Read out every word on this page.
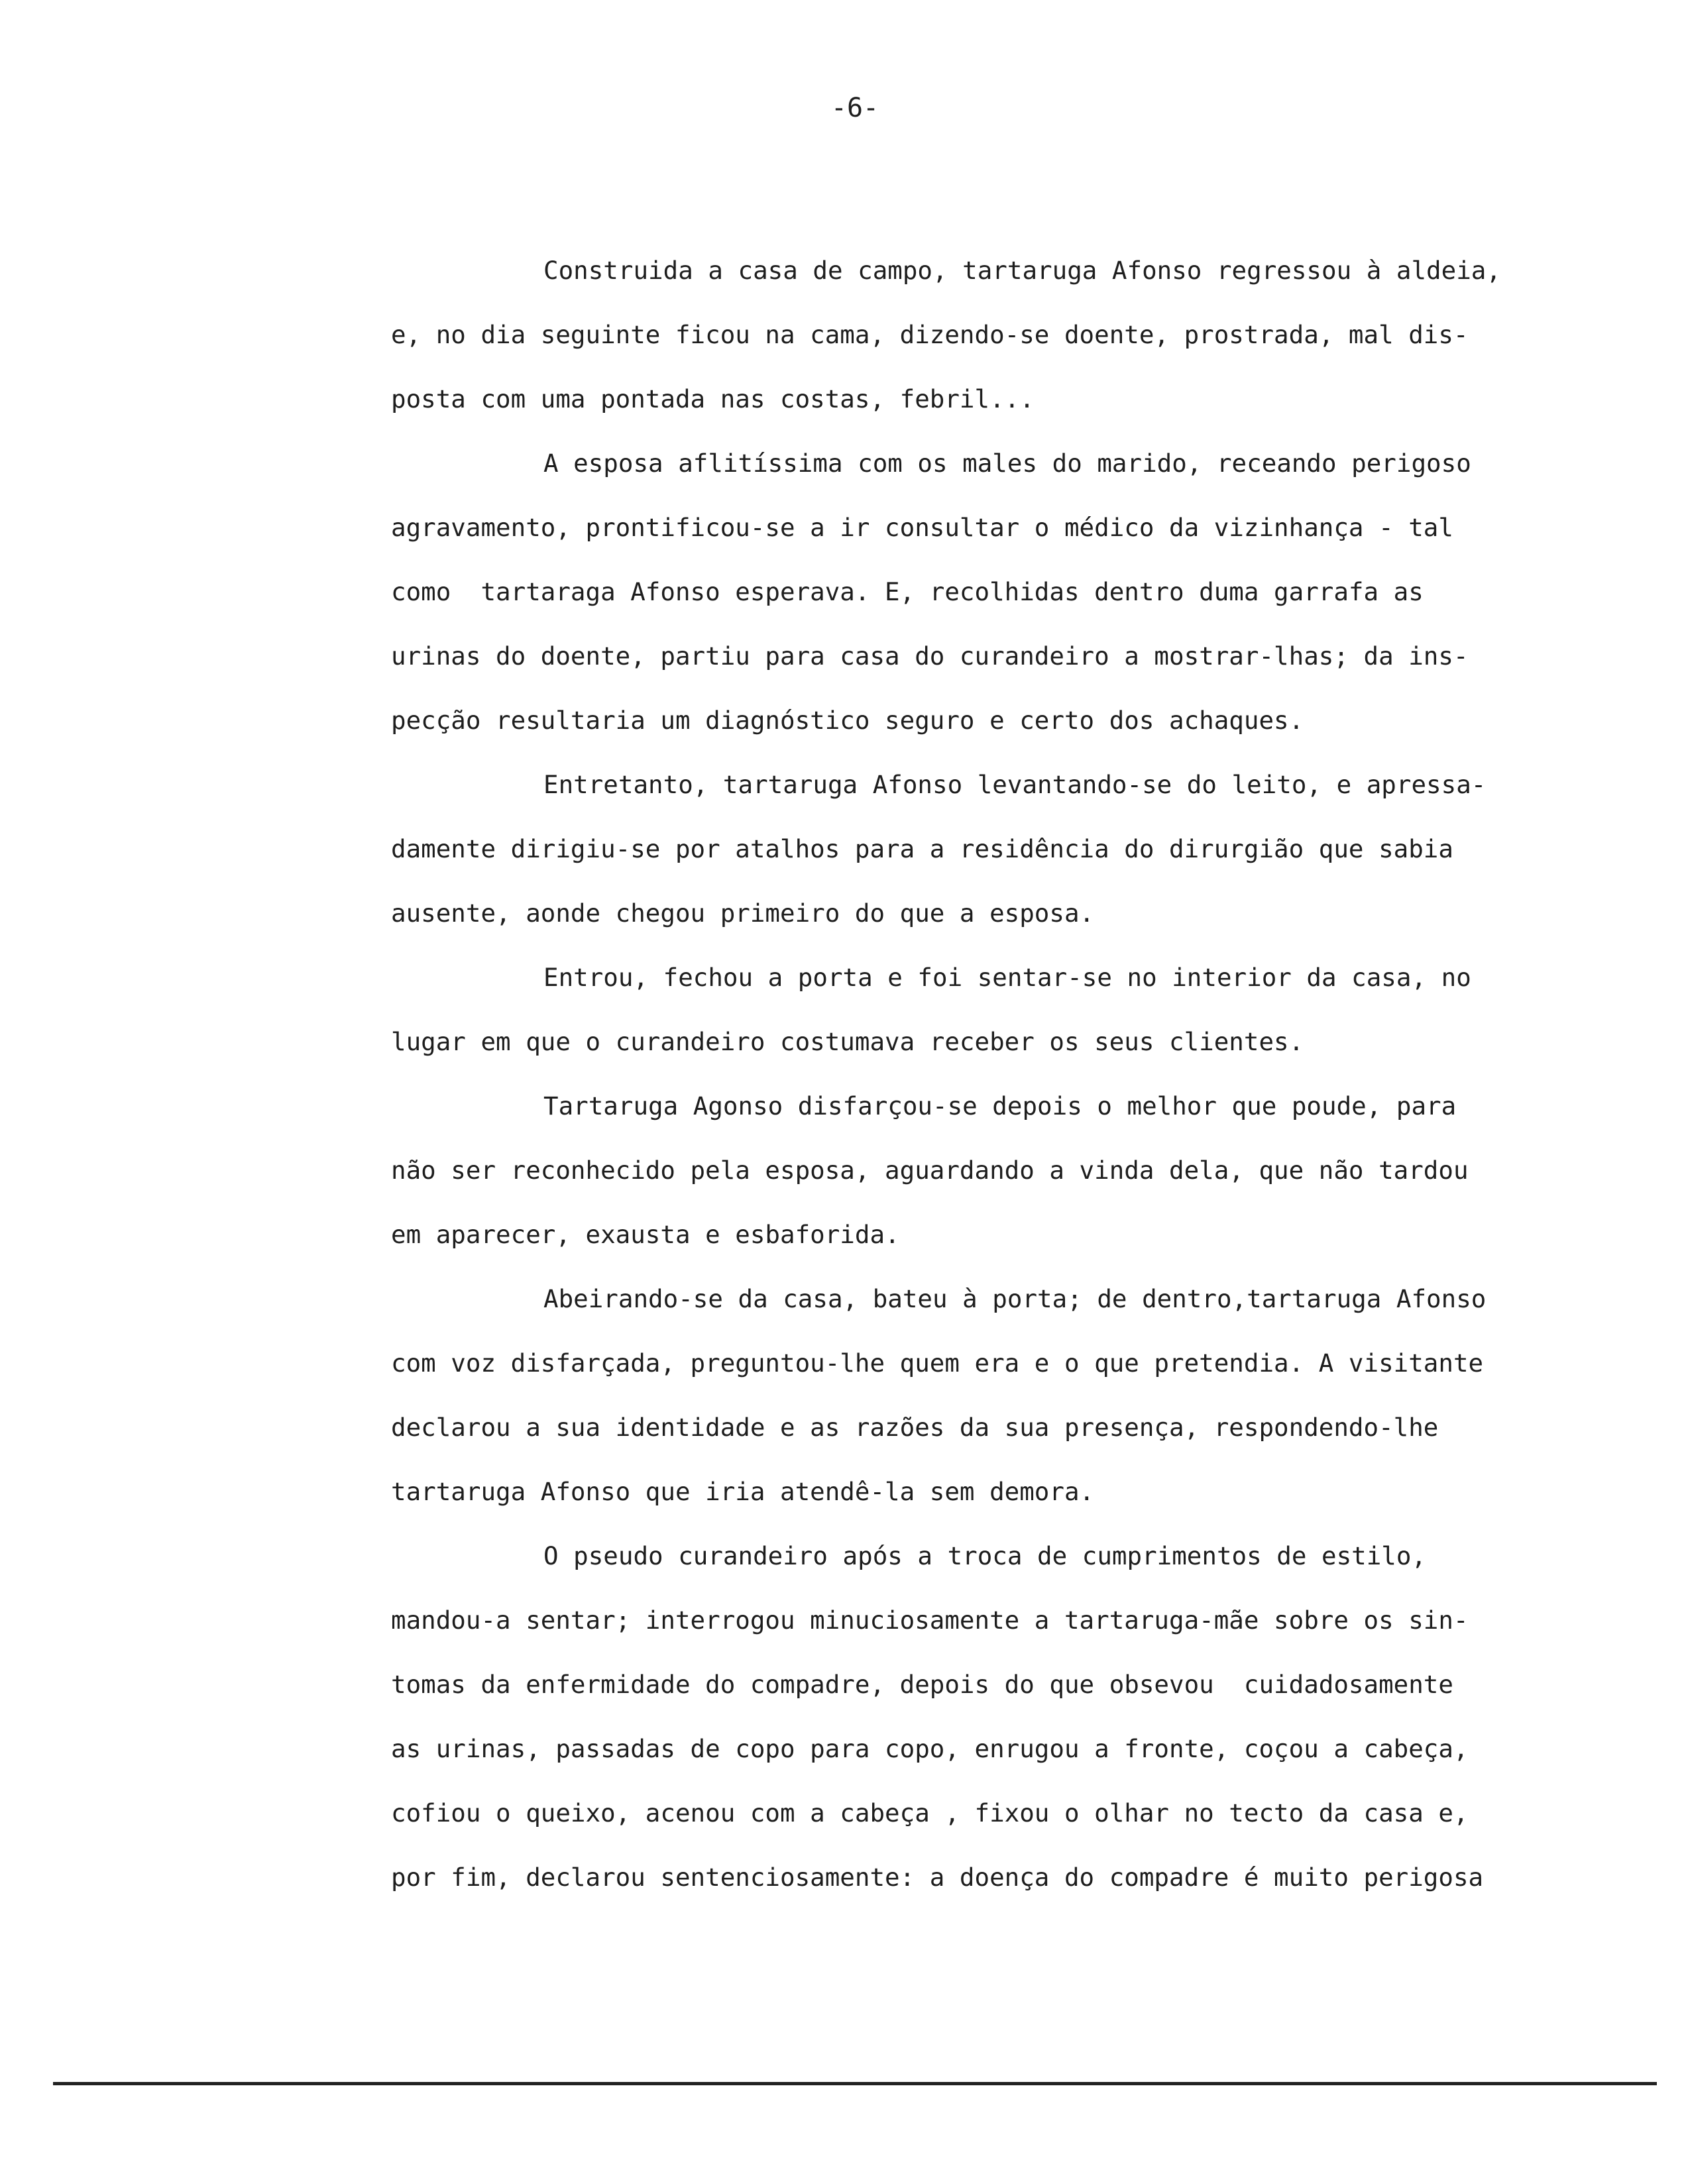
-6-
Construida a casa de campo, tartaruga Afonso regressou à aldeia,
e, no dia seguinte ficou na cama, dizendo-se doente, prostrada, mal dis-
posta com uma pontada nas costas, febril...
A esposa aflitíssima com os males do marido, receando perigoso
agravamento, prontificou-se a ir consultar o médico da vizinhança - tal
como  tartaraga Afonso esperava. E, recolhidas dentro duma garrafa as
urinas do doente, partiu para casa do curandeiro a mostrar-lhas; da ins-
pecção resultaria um diagnóstico seguro e certo dos achaques.
Entretanto, tartaruga Afonso levantando-se do leito, e apressa-
damente dirigiu-se por atalhos para a residência do dirurgião que sabia
ausente, aonde chegou primeiro do que a esposa.
Entrou, fechou a porta e foi sentar-se no interior da casa, no
lugar em que o curandeiro costumava receber os seus clientes.
Tartaruga Agonso disfarçou-se depois o melhor que poude, para
não ser reconhecido pela esposa, aguardando a vinda dela, que não tardou
em aparecer, exausta e esbaforida.
Abeirando-se da casa, bateu à porta; de dentro,tartaruga Afonso
com voz disfarçada, preguntou-lhe quem era e o que pretendia. A visitante
declarou a sua identidade e as razões da sua presença, respondendo-lhe
tartaruga Afonso que iria atendê-la sem demora.
O pseudo curandeiro após a troca de cumprimentos de estilo,
mandou-a sentar; interrogou minuciosamente a tartaruga-mãe sobre os sin-
tomas da enfermidade do compadre, depois do que obsevou  cuidadosamente
as urinas, passadas de copo para copo, enrugou a fronte, coçou a cabeça,
cofiou o queixo, acenou com a cabeça , fixou o olhar no tecto da casa e,
por fim, declarou sentenciosamente: a doença do compadre é muito perigosa
